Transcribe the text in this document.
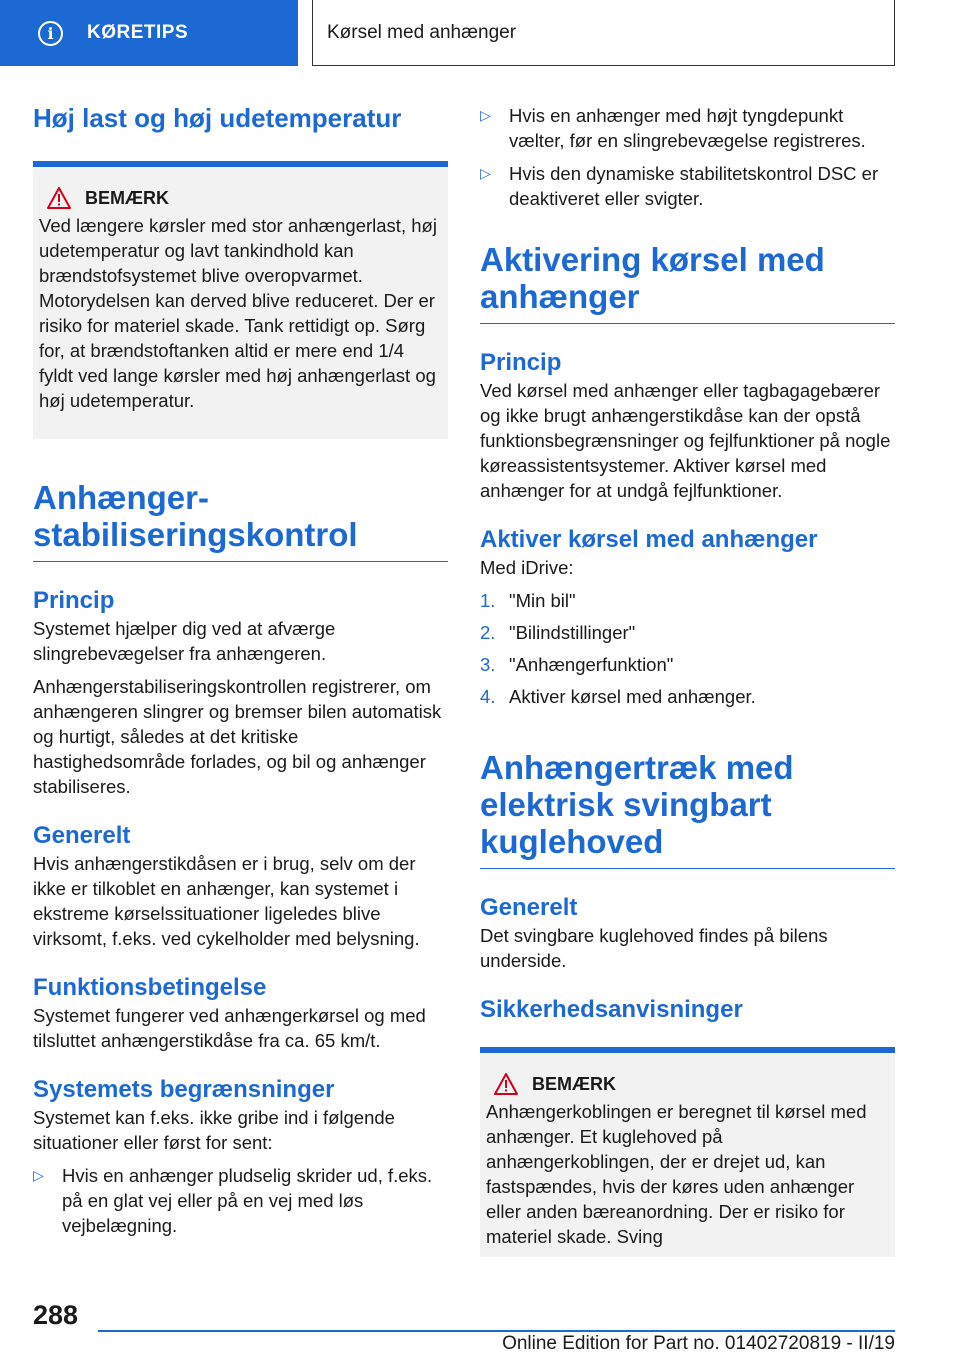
i	KØRETIPS	Kørsel med anhænger
Høj last og høj udetemperatur
BEMÆRK

Ved længere kørsler med stor anhængerlast, høj udetemperatur og lavt tankindhold kan brændstofsystemet blive overopvarmet. Motorydelsen kan derved blive reduceret. Der er risiko for materiel skade. Tank rettidigt op. Sørg for, at brændstoftanken altid er mere end 1/4 fyldt ved lange kørsler med høj anhængerlast og høj udetemperatur.

Anhænger-stabiliseringskontrol
Princip

Systemet hjælper dig ved at afværge slingrebevægelser fra anhængeren.

Anhængerstabiliseringskontrollen registrerer, om anhængeren slingrer og bremser bilen automatisk og hurtigt, således at det kritiske hastighedsområde forlades, og bil og anhænger stabiliseres.

Generelt

Hvis anhængerstikdåsen er i brug, selv om der ikke er tilkoblet en anhænger, kan systemet i ekstreme kørselssituationer ligeledes blive virksomt, f.eks. ved cykelholder med belysning.

Funktionsbetingelse

Systemet fungerer ved anhængerkørsel og med tilsluttet anhængerstikdåse fra ca. 65 km/t.

Systemets begrænsninger

Systemet kan f.eks. ikke gribe ind i følgende situationer eller først for sent:

▷ Hvis en anhænger pludselig skrider ud, f.eks. på en glat vej eller på en vej med løs vejbelægning.
▷ Hvis en anhænger med højt tyngdepunkt vælter, før en slingrebevægelse registreres.
▷ Hvis den dynamiske stabilitetskontrol DSC er deaktiveret eller svigter.
Aktivering kørsel med anhænger
Princip

Ved kørsel med anhænger eller tagbagagebærer og ikke brugt anhængerstikdåse kan der opstå funktionsbegrænsninger og fejlfunktioner på nogle køreassistentsystemer. Aktiver kørsel med anhænger for at undgå fejlfunktioner.

Aktiver kørsel med anhænger

Med iDrive:

1. "Min bil"
2. "Bilindstillinger"
3. "Anhængerfunktion"
4. Aktiver kørsel med anhænger.
Anhængertræk med elektrisk svingbart kuglehoved
Generelt

Det svingbare kuglehoved findes på bilens underside.

Sikkerhedsanvisninger
BEMÆRK

Anhængerkoblingen er beregnet til kørsel med anhænger. Et kuglehoved på anhængerkoblingen, der er drejet ud, kan fastspændes, hvis der køres uden anhænger eller anden bæreanordning. Der er risiko for materiel skade. Sving

288
Online Edition for Part no. 01402720819 - II/19
